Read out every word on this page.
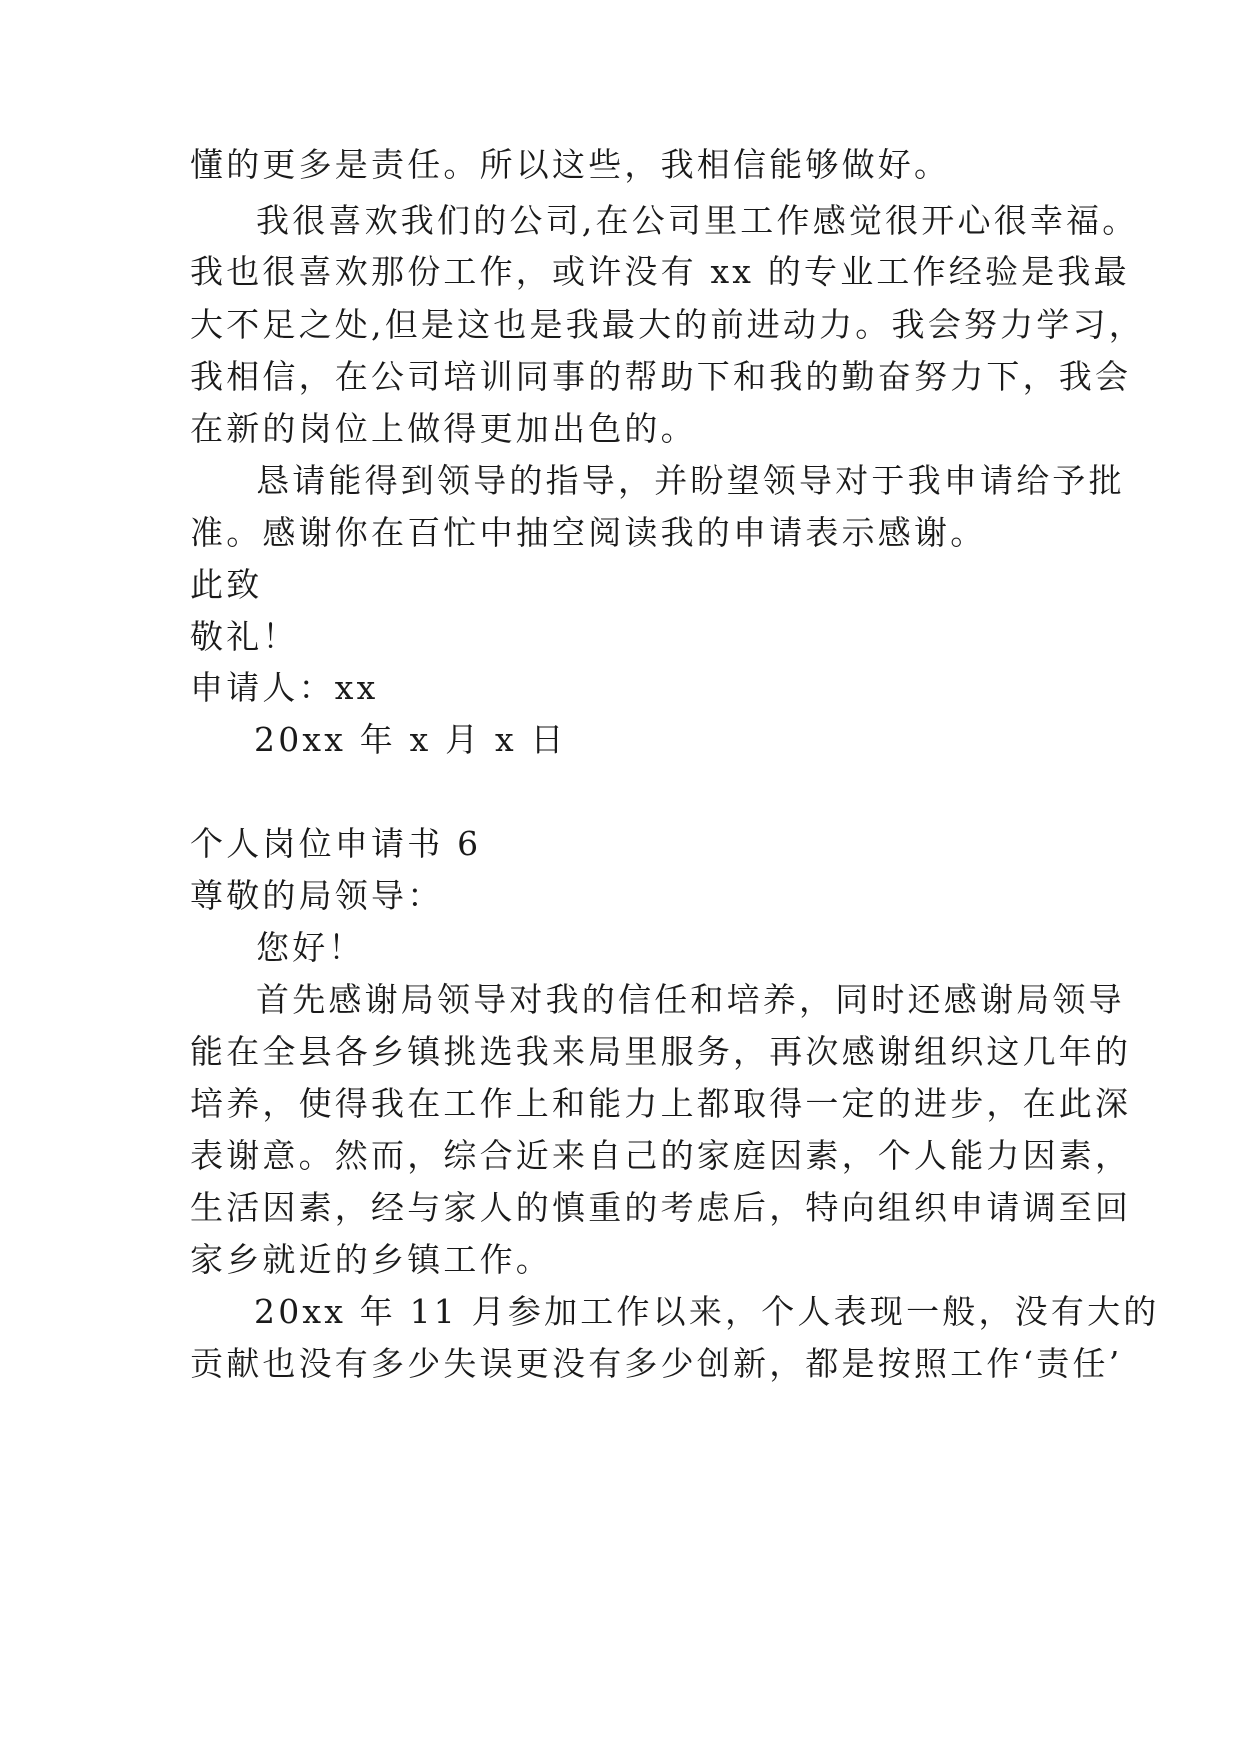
懂的更多是责任。所以这些，我相信能够做好。
我很喜欢我们的公司,在公司里工作感觉很开心很幸福。
我也很喜欢那份工作，或许没有 xx 的专业工作经验是我最
大不足之处,但是这也是我最大的前进动力。我会努力学习，
我相信，在公司培训同事的帮助下和我的勤奋努力下，我会
在新的岗位上做得更加出色的。
恳请能得到领导的指导，并盼望领导对于我申请给予批
准。感谢你在百忙中抽空阅读我的申请表示感谢。
此致
敬礼！
申请人：xx
20xx 年 x 月 x 日
个人岗位申请书 6
尊敬的局领导：
您好！
首先感谢局领导对我的信任和培养，同时还感谢局领导
能在全县各乡镇挑选我来局里服务，再次感谢组织这几年的
培养，使得我在工作上和能力上都取得一定的进步，在此深
表谢意。然而，综合近来自己的家庭因素，个人能力因素，
生活因素，经与家人的慎重的考虑后，特向组织申请调至回
家乡就近的乡镇工作。
20xx 年 11 月参加工作以来，个人表现一般，没有大的
贡献也没有多少失误更没有多少创新，都是按照工作‘责任’
